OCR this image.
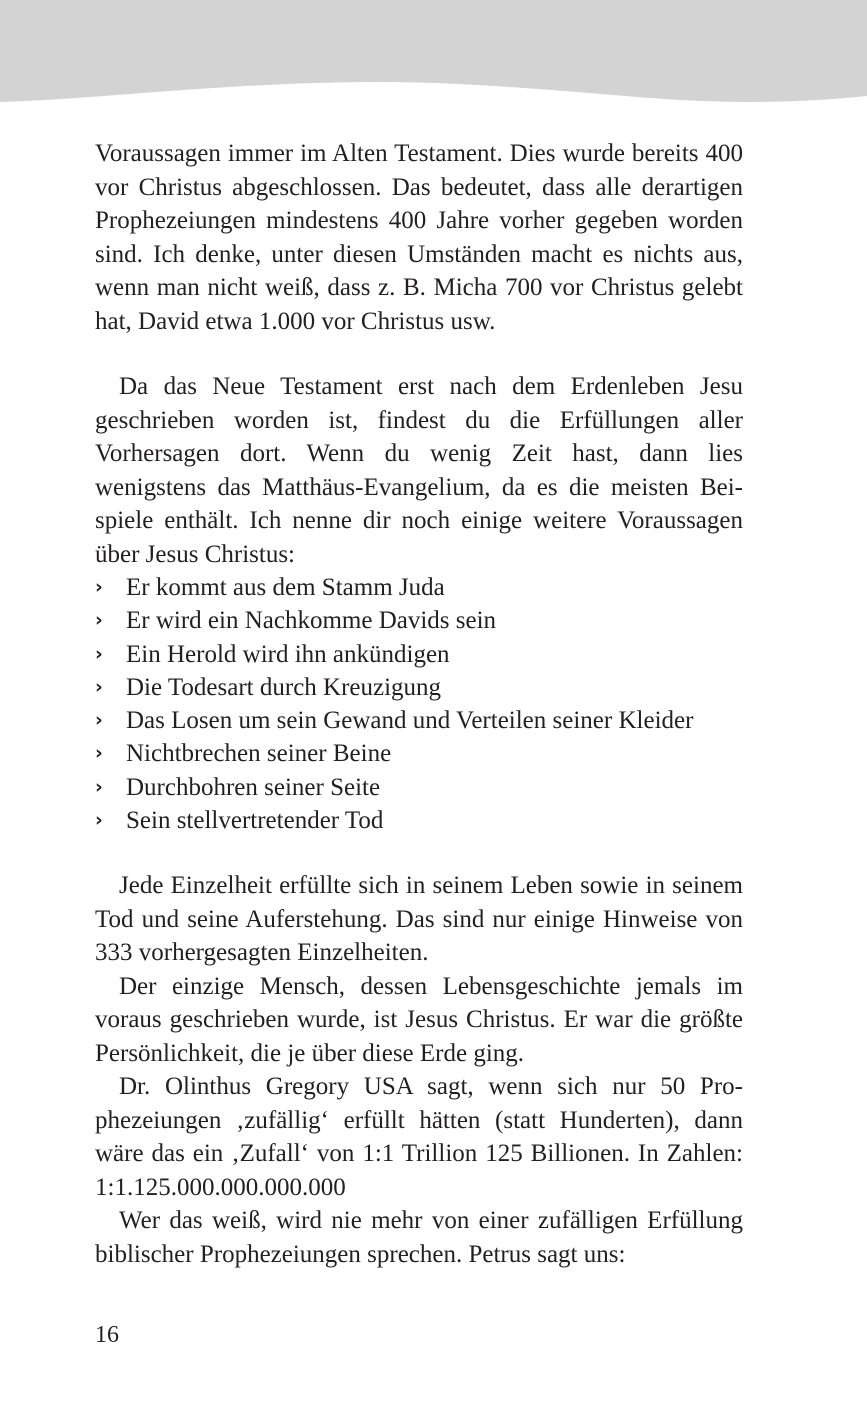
Voraussagen immer im Alten Testament. Dies wurde bereits 400 vor Christus abgeschlossen. Das bedeutet, dass alle derartigen Prophezeiungen mindestens 400 Jahre vorher gegeben worden sind. Ich denke, unter diesen Umständen macht es nichts aus, wenn man nicht weiß, dass z. B. Micha 700 vor Christus gelebt hat, David etwa 1.000 vor Christus usw.

Da das Neue Testament erst nach dem Erdenleben Jesu geschrieben worden ist, findest du die Erfüllungen aller Vorhersagen dort. Wenn du wenig Zeit hast, dann lies wenigstens das Matthäus-Evangelium, da es die meisten Beispiele enthält. Ich nenne dir noch einige weitere Voraussagen über Jesus Christus:

› Er kommt aus dem Stamm Juda
› Er wird ein Nachkomme Davids sein
› Ein Herold wird ihn ankündigen
› Die Todesart durch Kreuzigung
› Das Losen um sein Gewand und Verteilen seiner Kleider
› Nichtbrechen seiner Beine
› Durchbohren seiner Seite
› Sein stellvertretender Tod

Jede Einzelheit erfüllte sich in seinem Leben sowie in seinem Tod und seine Auferstehung. Das sind nur einige Hinweise von 333 vorhergesagten Einzelheiten.

Der einzige Mensch, dessen Lebensgeschichte jemals im voraus geschrieben wurde, ist Jesus Christus. Er war die größte Persönlichkeit, die je über diese Erde ging.

Dr. Olinthus Gregory USA sagt, wenn sich nur 50 Prophezeiungen ‚zufällig‘ erfüllt hätten (statt Hunderten), dann wäre das ein ‚Zufall‘ von 1:1 Trillion 125 Billionen. In Zahlen: 1:1.125.000.000.000.000

Wer das weiß, wird nie mehr von einer zufälligen Erfüllung biblischer Prophezeiungen sprechen. Petrus sagt uns:

16
